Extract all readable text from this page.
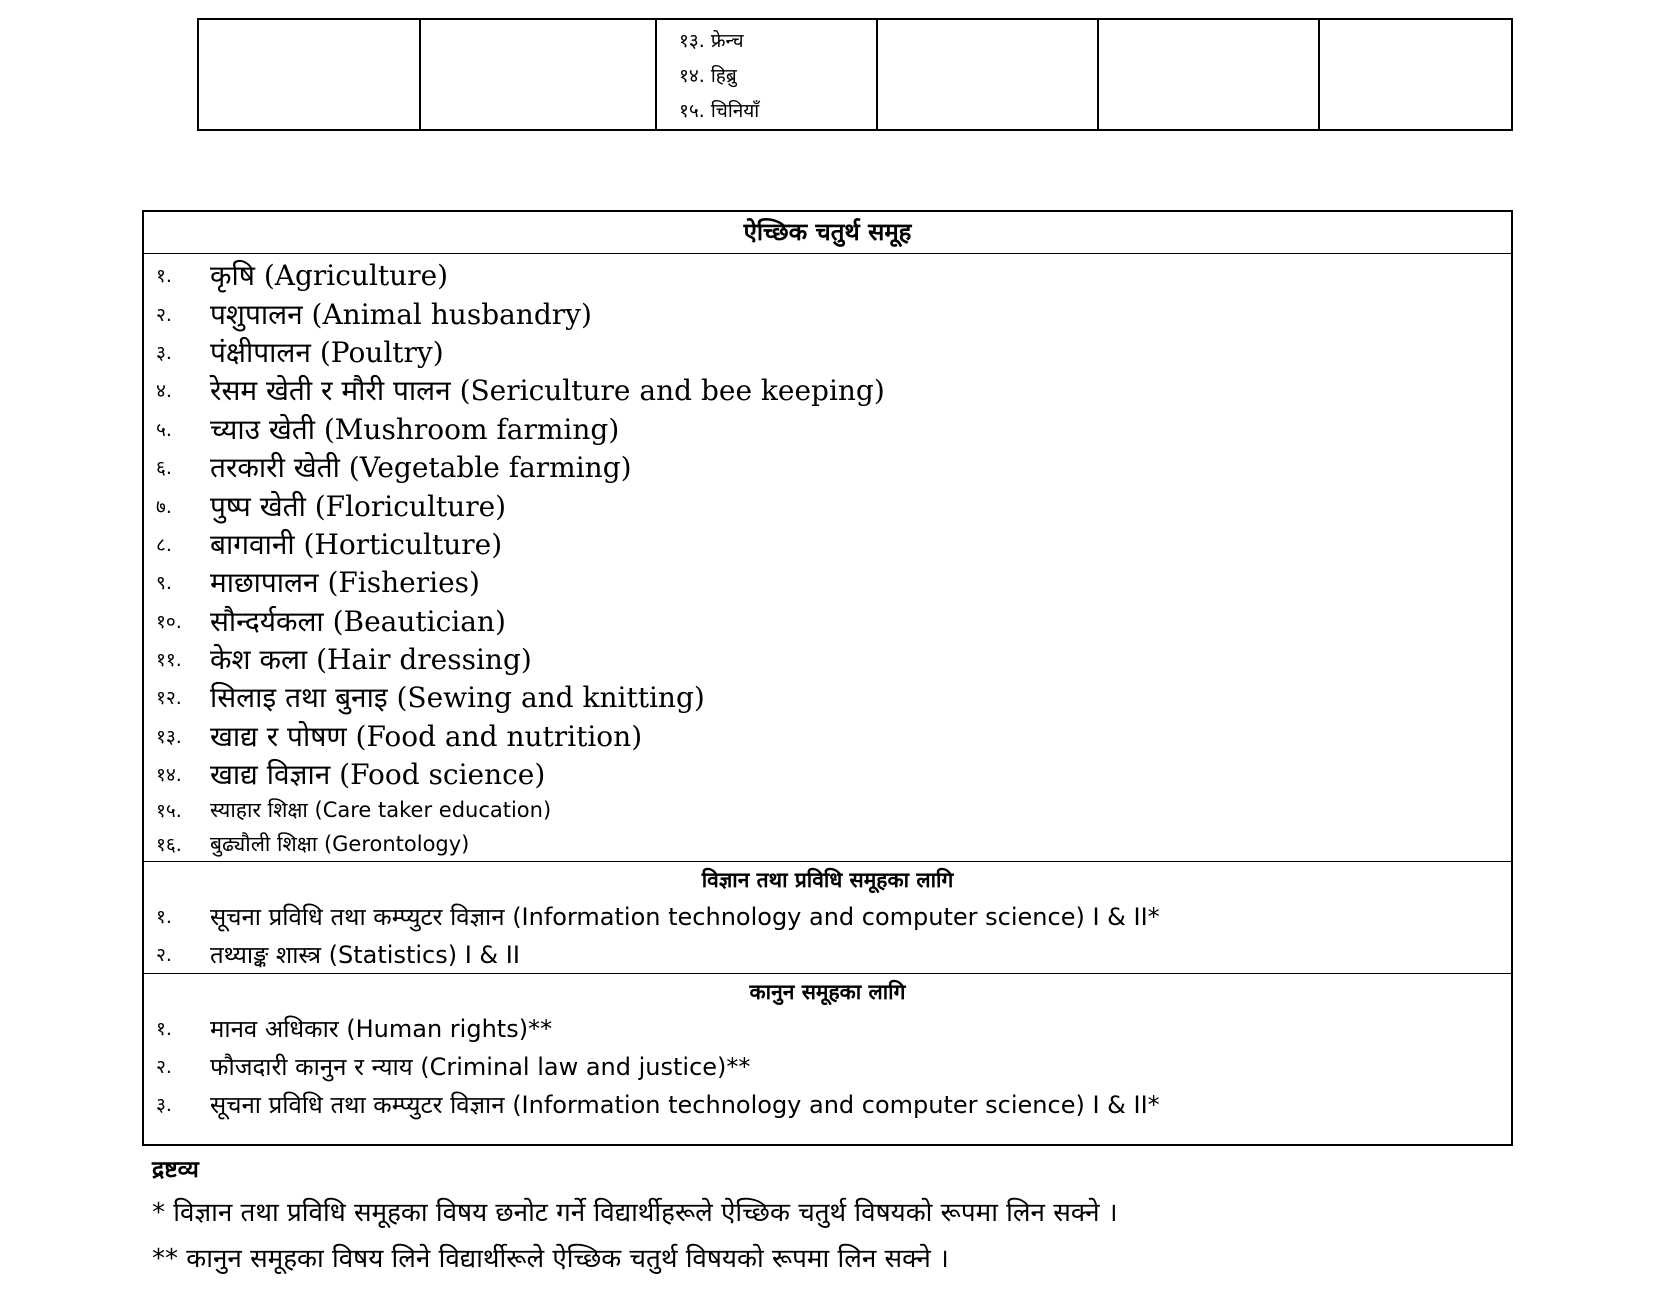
१३. फ्रेन्च
१४. हिब्रु
१५. चिनियाँ

ऐच्छिक चतुर्थ समूह
१.	कृषि (Agriculture)
२.	पशुपालन (Animal husbandry)
३.	पंक्षीपालन (Poultry)
४.	रेसम खेती र मौरी पालन (Sericulture and bee keeping)
५.	च्याउ खेती (Mushroom farming)
६.	तरकारी खेती (Vegetable farming)
७.	पुष्प खेती (Floriculture)
८.	बागवानी (Horticulture)
९.	माछापालन (Fisheries)
१०.	सौन्दर्यकला (Beautician)
११.	केश कला (Hair dressing)
१२.	सिलाइ तथा बुनाइ (Sewing and knitting)
१३.	खाद्य र पोषण (Food and nutrition)
१४.	खाद्य विज्ञान (Food science)
१५.	स्याहार शिक्षा (Care taker education)
१६.	बुढ्यौली शिक्षा (Gerontology)
विज्ञान तथा प्रविधि समूहका लागि
१.	सूचना प्रविधि तथा कम्प्युटर विज्ञान (Information technology and computer science) I & II*
२.	तथ्याङ्क शास्त्र (Statistics) I & II
कानुन समूहका लागि
१.	मानव अधिकार (Human rights)**
२.	फौजदारी कानुन र न्याय (Criminal law and justice)**
३.	सूचना प्रविधि तथा कम्प्युटर विज्ञान (Information technology and computer science) I & II*
द्रष्टव्य
* विज्ञान तथा प्रविधि समूहका विषय छनोट गर्ने विद्यार्थीहरूले ऐच्छिक चतुर्थ विषयको रूपमा लिन सक्ने ।
** कानुन समूहका विषय लिने विद्यार्थीरूले ऐच्छिक चतुर्थ विषयको रूपमा लिन सक्ने ।
